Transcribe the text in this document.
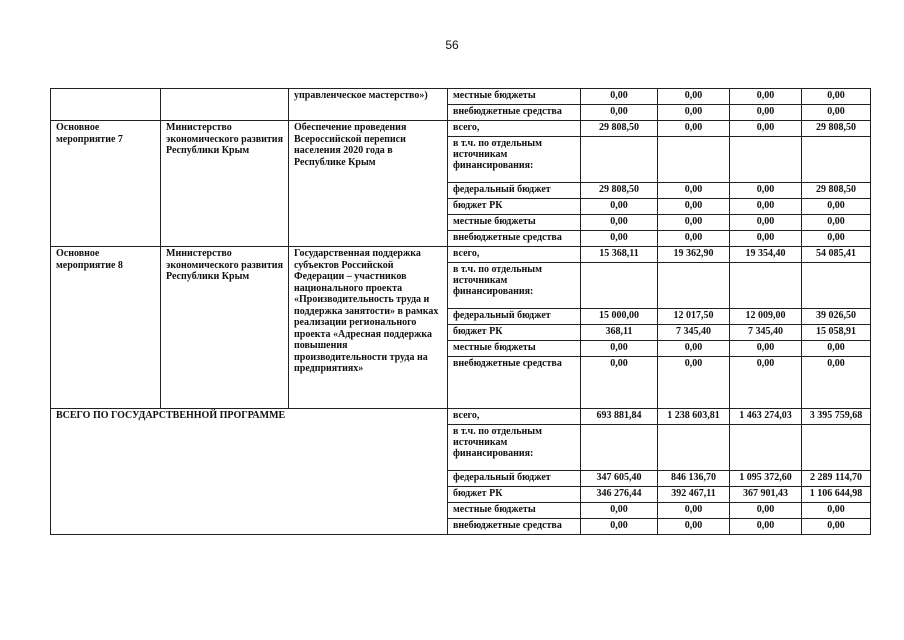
56
		управленческое мастерство»)	местные бюджеты	0,00	0,00	0,00	0,00
			внебюджетные средства	0,00	0,00	0,00	0,00
Основное мероприятие 7	Министерство экономического развития Республики Крым	Обеспечение проведения Всероссийской переписи населения 2020 года в Республике Крым	всего,	29 808,50	0,00	0,00	29 808,50
			в т.ч. по отдельным источникам финансирования:				
			федеральный бюджет	29 808,50	0,00	0,00	29 808,50
			бюджет РК	0,00	0,00	0,00	0,00
			местные бюджеты	0,00	0,00	0,00	0,00
			внебюджетные средства	0,00	0,00	0,00	0,00
Основное мероприятие 8	Министерство экономического развития Республики Крым	Государственная поддержка субъектов Российской Федерации – участников национального проекта «Производительность труда и поддержка занятости» в рамках реализации регионального проекта «Адресная поддержка повышения производительности труда на предприятиях»	всего,	15 368,11	19 362,90	19 354,40	54 085,41
			в т.ч. по отдельным источникам финансирования:				
			федеральный бюджет	15 000,00	12 017,50	12 009,00	39 026,50
			бюджет РК	368,11	7 345,40	7 345,40	15 058,91
			местные бюджеты	0,00	0,00	0,00	0,00
			внебюджетные средства	0,00	0,00	0,00	0,00
ВСЕГО ПО ГОСУДАРСТВЕННОЙ ПРОГРАММЕ			всего,	693 881,84	1 238 603,81	1 463 274,03	3 395 759,68
			в т.ч. по отдельным источникам финансирования:				
			федеральный бюджет	347 605,40	846 136,70	1 095 372,60	2 289 114,70
			бюджет РК	346 276,44	392 467,11	367 901,43	1 106 644,98
			местные бюджеты	0,00	0,00	0,00	0,00
			внебюджетные средства	0,00	0,00	0,00	0,00
